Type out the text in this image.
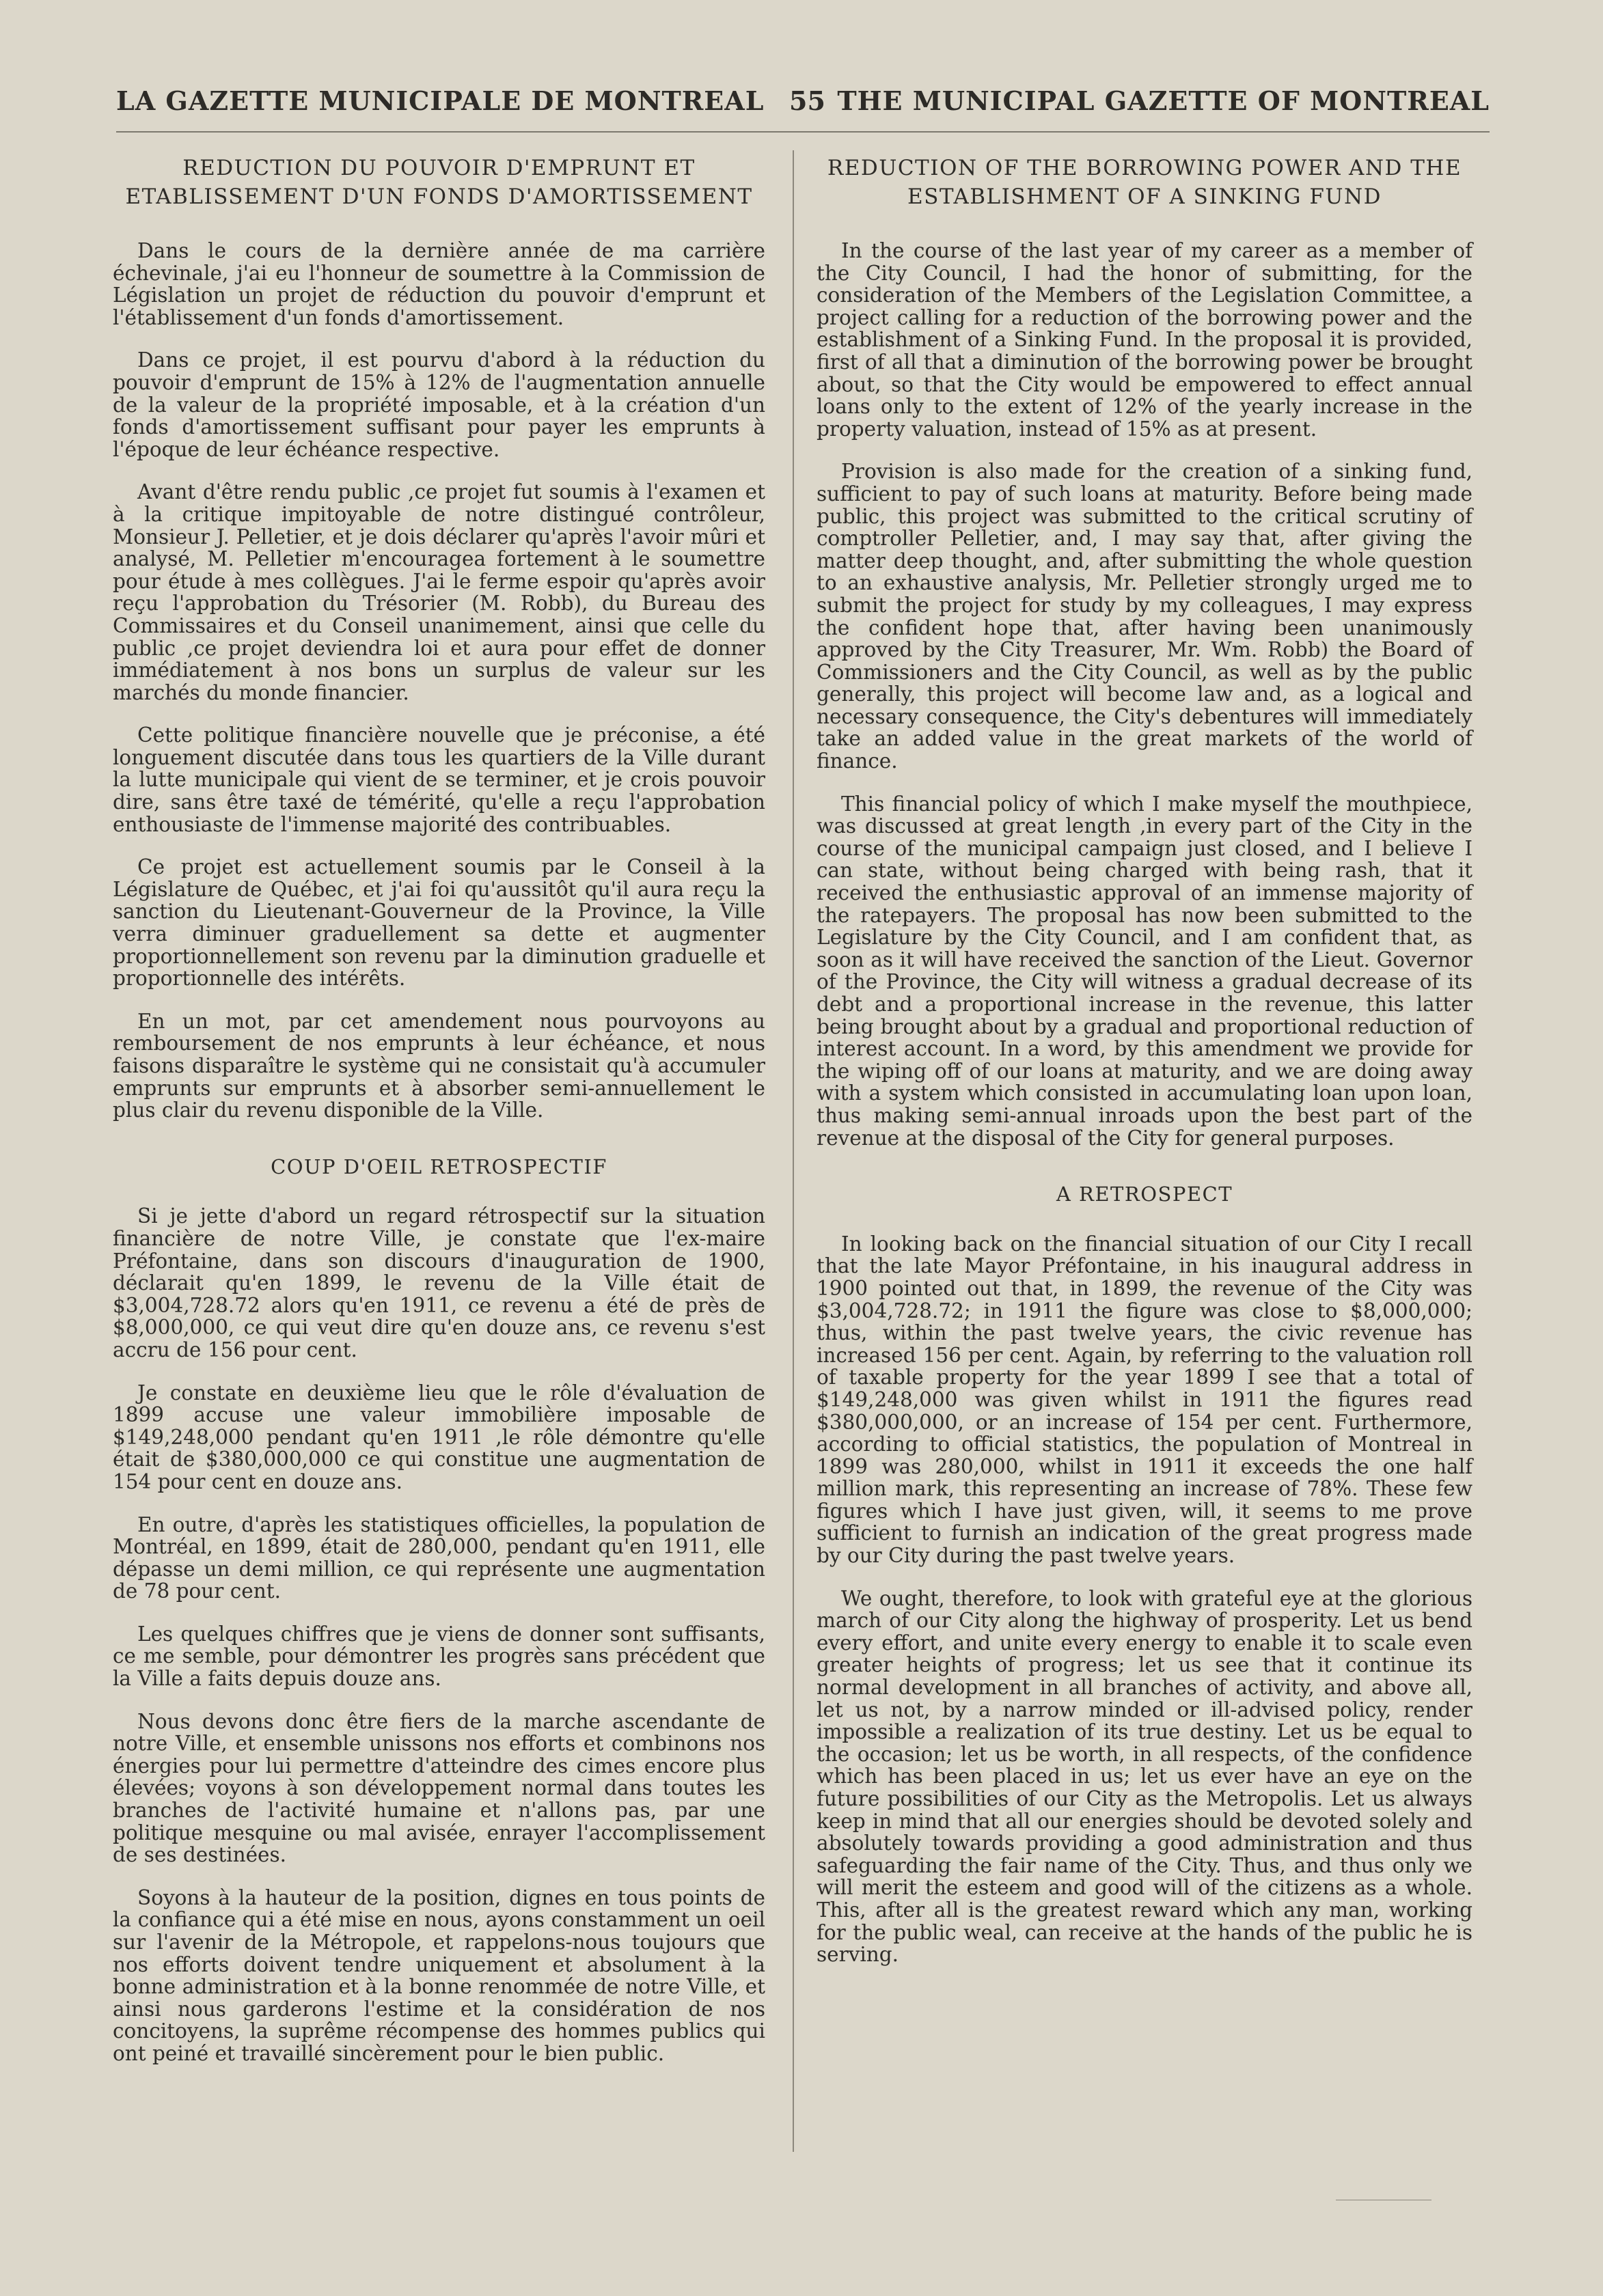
LA GAZETTE MUNICIPALE DE MONTREAL 55 THE MUNICIPAL GAZETTE OF MONTREAL
REDUCTION DU POUVOIR D'EMPRUNT ET ETABLISSEMENT D'UN FONDS D'AMORTISSEMENT

Dans le cours de la dernière année de ma carrière échevinale, j'ai eu l'honneur de soumettre à la Commission de Législation un projet de réduction du pouvoir d'emprunt et l'établissement d'un fonds d'amortissement.

Dans ce projet, il est pourvu d'abord à la réduction du pouvoir d'emprunt de 15% à 12% de l'augmentation annuelle de la valeur de la propriété imposable, et à la création d'un fonds d'amortissement suffisant pour payer les emprunts à l'époque de leur échéance respective.

Avant d'être rendu public ,ce projet fut soumis à l'examen et à la critique impitoyable de notre distingué contrôleur, Monsieur J. Pelletier, et je dois déclarer qu'après l'avoir mûri et analysé, M. Pelletier m'encouragea fortement à le soumettre pour étude à mes collègues. J'ai le ferme espoir qu'après avoir reçu l'approbation du Trésorier (M. Robb), du Bureau des Commissaires et du Conseil unanimement, ainsi que celle du public ,ce projet deviendra loi et aura pour effet de donner immédiatement à nos bons un surplus de valeur sur les marchés du monde financier.

Cette politique financière nouvelle que je préconise, a été longuement discutée dans tous les quartiers de la Ville durant la lutte municipale qui vient de se terminer, et je crois pouvoir dire, sans être taxé de témérité, qu'elle a reçu l'approbation enthousiaste de l'immense majorité des contribuables.

Ce projet est actuellement soumis par le Conseil à la Législature de Québec, et j'ai foi qu'aussitôt qu'il aura reçu la sanction du Lieutenant-Gouverneur de la Province, la Ville verra diminuer graduellement sa dette et augmenter proportionnellement son revenu par la diminution graduelle et proportionnelle des intérêts.

En un mot, par cet amendement nous pourvoyons au remboursement de nos emprunts à leur échéance, et nous faisons disparaître le système qui ne consistait qu'à accumuler emprunts sur emprunts et à absorber semi-annuellement le plus clair du revenu disponible de la Ville.

COUP D'OEIL RETROSPECTIF

Si je jette d'abord un regard rétrospectif sur la situation financière de notre Ville, je constate que l'ex-maire Préfontaine, dans son discours d'inauguration de 1900, déclarait qu'en 1899, le revenu de la Ville était de $3,004,728.72 alors qu'en 1911, ce revenu a été de près de $8,000,000, ce qui veut dire qu'en douze ans, ce revenu s'est accru de 156 pour cent.

Je constate en deuxième lieu que le rôle d'évaluation de 1899 accuse une valeur immobilière imposable de $149,248,000 pendant qu'en 1911 ,le rôle démontre qu'elle était de $380,000,000 ce qui constitue une augmentation de 154 pour cent en douze ans.

En outre, d'après les statistiques officielles, la population de Montréal, en 1899, était de 280,000, pendant qu'en 1911, elle dépasse un demi million, ce qui représente une augmentation de 78 pour cent.

Les quelques chiffres que je viens de donner sont suffisants, ce me semble, pour démontrer les progrès sans précédent que la Ville a faits depuis douze ans.

Nous devons donc être fiers de la marche ascendante de notre Ville, et ensemble unissons nos efforts et combinons nos énergies pour lui permettre d'atteindre des cimes encore plus élevées; voyons à son développement normal dans toutes les branches de l'activité humaine et n'allons pas, par une politique mesquine ou mal avisée, enrayer l'accomplissement de ses destinées.

Soyons à la hauteur de la position, dignes en tous points de la confiance qui a été mise en nous, ayons constamment un oeil sur l'avenir de la Métropole, et rappelons-nous toujours que nos efforts doivent tendre uniquement et absolument à la bonne administration et à la bonne renommée de notre Ville, et ainsi nous garderons l'estime et la considération de nos concitoyens, la suprême récompense des hommes publics qui ont peiné et travaillé sincèrement pour le bien public.

REDUCTION OF THE BORROWING POWER AND THE ESTABLISHMENT OF A SINKING FUND

In the course of the last year of my career as a member of the City Council, I had the honor of submitting, for the consideration of the Members of the Legislation Committee, a project calling for a reduction of the borrowing power and the establishment of a Sinking Fund. In the proposal it is provided, first of all that a diminution of the borrowing power be brought about, so that the City would be empowered to effect annual loans only to the extent of 12% of the yearly increase in the property valuation, instead of 15% as at present.

Provision is also made for the creation of a sinking fund, sufficient to pay of such loans at maturity. Before being made public, this project was submitted to the critical scrutiny of comptroller Pelletier, and, I may say that, after giving the matter deep thought, and, after submitting the whole question to an exhaustive analysis, Mr. Pelletier strongly urged me to submit the project for study by my colleagues, I may express the confident hope that, after having been unanimously approved by the City Treasurer, Mr. Wm. Robb) the Board of Commissioners and the City Council, as well as by the public generally, this project will become law and, as a logical and necessary consequence, the City's debentures will immediately take an added value in the great markets of the world of finance.

This financial policy of which I make myself the mouthpiece, was discussed at great length ,in every part of the City in the course of the municipal campaign just closed, and I believe I can state, without being charged with being rash, that it received the enthusiastic approval of an immense majority of the ratepayers. The proposal has now been submitted to the Legislature by the City Council, and I am confident that, as soon as it will have received the sanction of the Lieut. Governor of the Province, the City will witness a gradual decrease of its debt and a proportional increase in the revenue, this latter being brought about by a gradual and proportional reduction of interest account. In a word, by this amendment we provide for the wiping off of our loans at maturity, and we are doing away with a system which consisted in accumulating loan upon loan, thus making semi-annual inroads upon the best part of the revenue at the disposal of the City for general purposes.

A RETROSPECT

In looking back on the financial situation of our City I recall that the late Mayor Préfontaine, in his inaugural address in 1900 pointed out that, in 1899, the revenue of the City was $3,004,728.72; in 1911 the figure was close to $8,000,000; thus, within the past twelve years, the civic revenue has increased 156 per cent. Again, by referring to the valuation roll of taxable property for the year 1899 I see that a total of $149,248,000 was given whilst in 1911 the figures read $380,000,000, or an increase of 154 per cent. Furthermore, according to official statistics, the population of Montreal in 1899 was 280,000, whilst in 1911 it exceeds the one half million mark, this representing an increase of 78%. These few figures which I have just given, will, it seems to me prove sufficient to furnish an indication of the great progress made by our City during the past twelve years.

We ought, therefore, to look with grateful eye at the glorious march of our City along the highway of prosperity. Let us bend every effort, and unite every energy to enable it to scale even greater heights of progress; let us see that it continue its normal development in all branches of activity, and above all, let us not, by a narrow minded or ill-advised policy, render impossible a realization of its true destiny. Let us be equal to the occasion; let us be worth, in all respects, of the confidence which has been placed in us; let us ever have an eye on the future possibilities of our City as the Metropolis. Let us always keep in mind that all our energies should be devoted solely and absolutely towards providing a good administration and thus safeguarding the fair name of the City. Thus, and thus only we will merit the esteem and good will of the citizens as a whole. This, after all is the greatest reward which any man, working for the public weal, can receive at the hands of the public he is serving.
